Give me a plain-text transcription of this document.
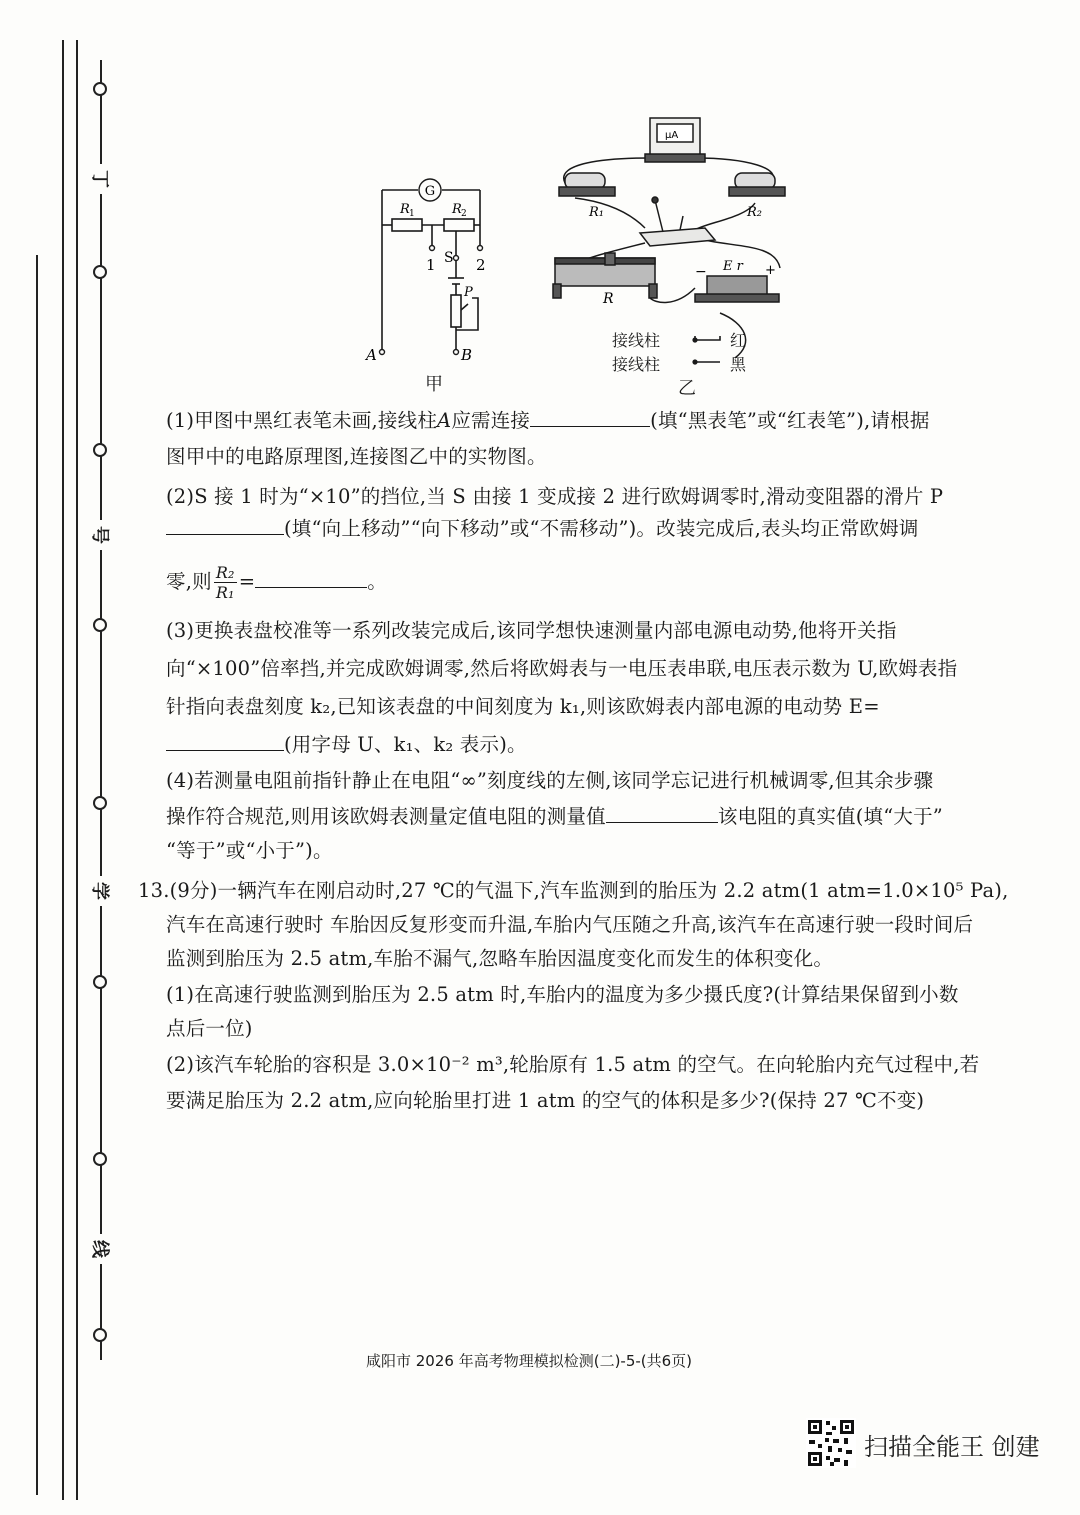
丁
号
学
线
G
R 1	R 2
1	2
S
P
A	B
甲
μA
R₁	R₂
R
E r
−	+
接线柱	红
接线柱	黑
乙
(1)甲图中黑红表笔未画,接线柱A应需连接	(填“黑表笔”或“红表笔”),请根据
图甲中的电路原理图,连接图乙中的实物图。
(2)S 接 1 时为“×10”的挡位,当 S 由接 1 变成接 2 进行欧姆调零时,滑动变阻器的滑片 P
(填“向上移动”“向下移动”或“不需移动”)。改装完成后,表头均正常欧姆调
零,则 $\frac{\text{R₂}}{\text{R₁}}$ =	。
(3)更换表盘校准等一系列改装完成后,该同学想快速测量内部电源电动势,他将开关指
向“×100”倍率挡,并完成欧姆调零,然后将欧姆表与一电压表串联,电压表示数为 U,欧姆表指
针指向表盘刻度 k₂,已知该表盘的中间刻度为 k₁,则该欧姆表内部电源的电动势 E=
(用字母 U、k₁、k₂ 表示)。
(4)若测量电阻前指针静止在电阻“∞”刻度线的左侧,该同学忘记进行机械调零,但其余步骤
操作符合规范,则用该欧姆表测量定值电阻的测量值	该电阻的真实值(填“大于”
“等于”或“小于”)。
13.(9分)一辆汽车在刚启动时,27 ℃的气温下,汽车监测到的胎压为 2.2 atm(1 atm=1.0×10⁵ Pa),
汽车在高速行驶时 车胎因反复形变而升温,车胎内气压随之升高,该汽车在高速行驶一段时间后
监测到胎压为 2.5 atm,车胎不漏气,忽略车胎因温度变化而发生的体积变化。
(1)在高速行驶监测到胎压为 2.5 atm 时,车胎内的温度为多少摄氏度?(计算结果保留到小数
点后一位)
(2)该汽车轮胎的容积是 3.0×10⁻² m³,轮胎原有 1.5 atm 的空气。在向轮胎内充气过程中,若
要满足胎压为 2.2 atm,应向轮胎里打进 1 atm 的空气的体积是多少?(保持 27 ℃不变)
咸阳市 2026 年高考物理模拟检测(二)-5-(共6页)
扫描全能王 创建
